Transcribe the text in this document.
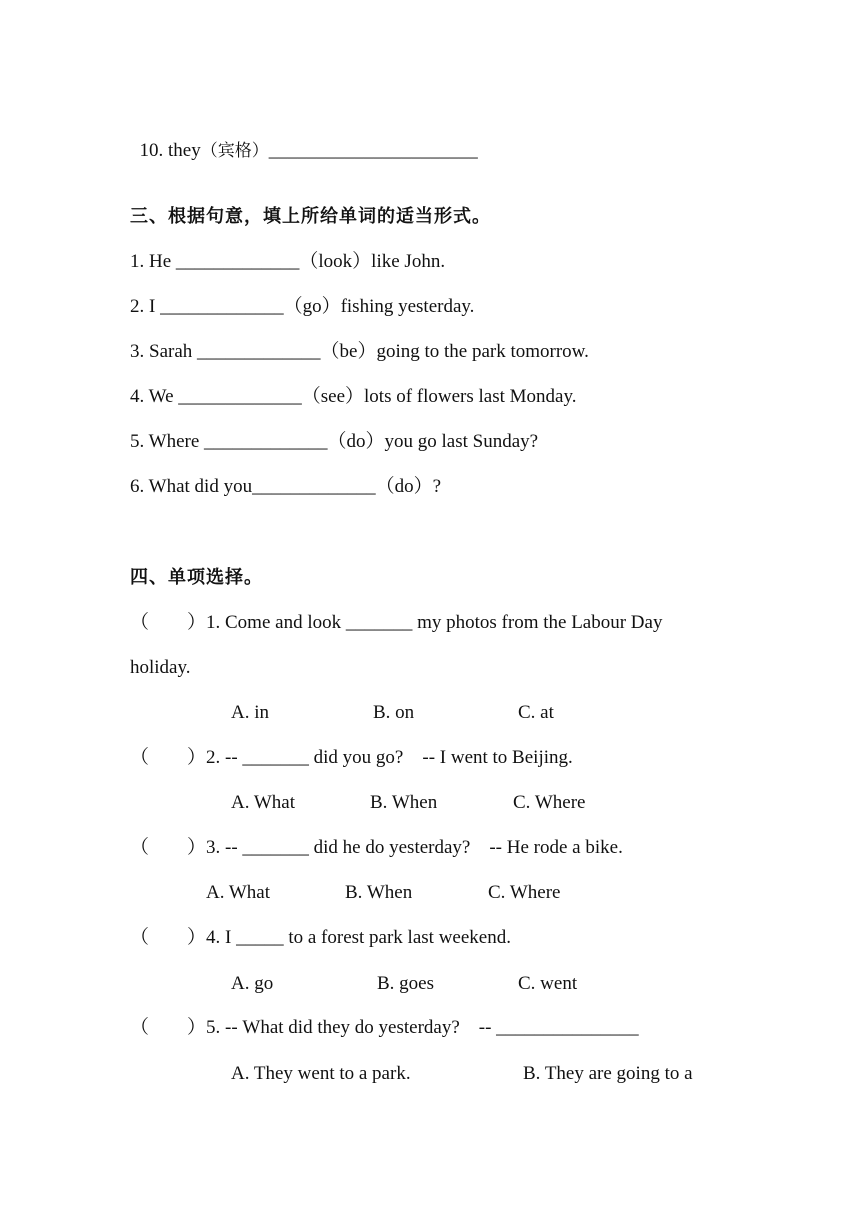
10. they（宾格）______________________

三、根据句意，填上所给单词的适当形式。
1. He _____________（look）like John.
2. I _____________（go）fishing yesterday.
3. Sarah _____________（be）going to the park tomorrow.
4. We _____________（see）lots of flowers last Monday.
5. Where _____________（do）you go last Sunday?
6. What did you_____________（do）?
四、单项选择。
（        ）1. Come and look _______ my photos from the Labour Day
holiday.
A. in	B. on	C. at
（        ）2. -- _______ did you go?    -- I went to Beijing.
A. What	B. When	C. Where
（        ）3. -- _______ did he do yesterday?    -- He rode a bike.
A. What	B. When	C. Where
（        ）4. I _____ to a forest park last weekend.
A. go	B. goes	C. went
（        ）5. -- What did they do yesterday?    -- _______________
A. They went to a park.	B. They are going to a
